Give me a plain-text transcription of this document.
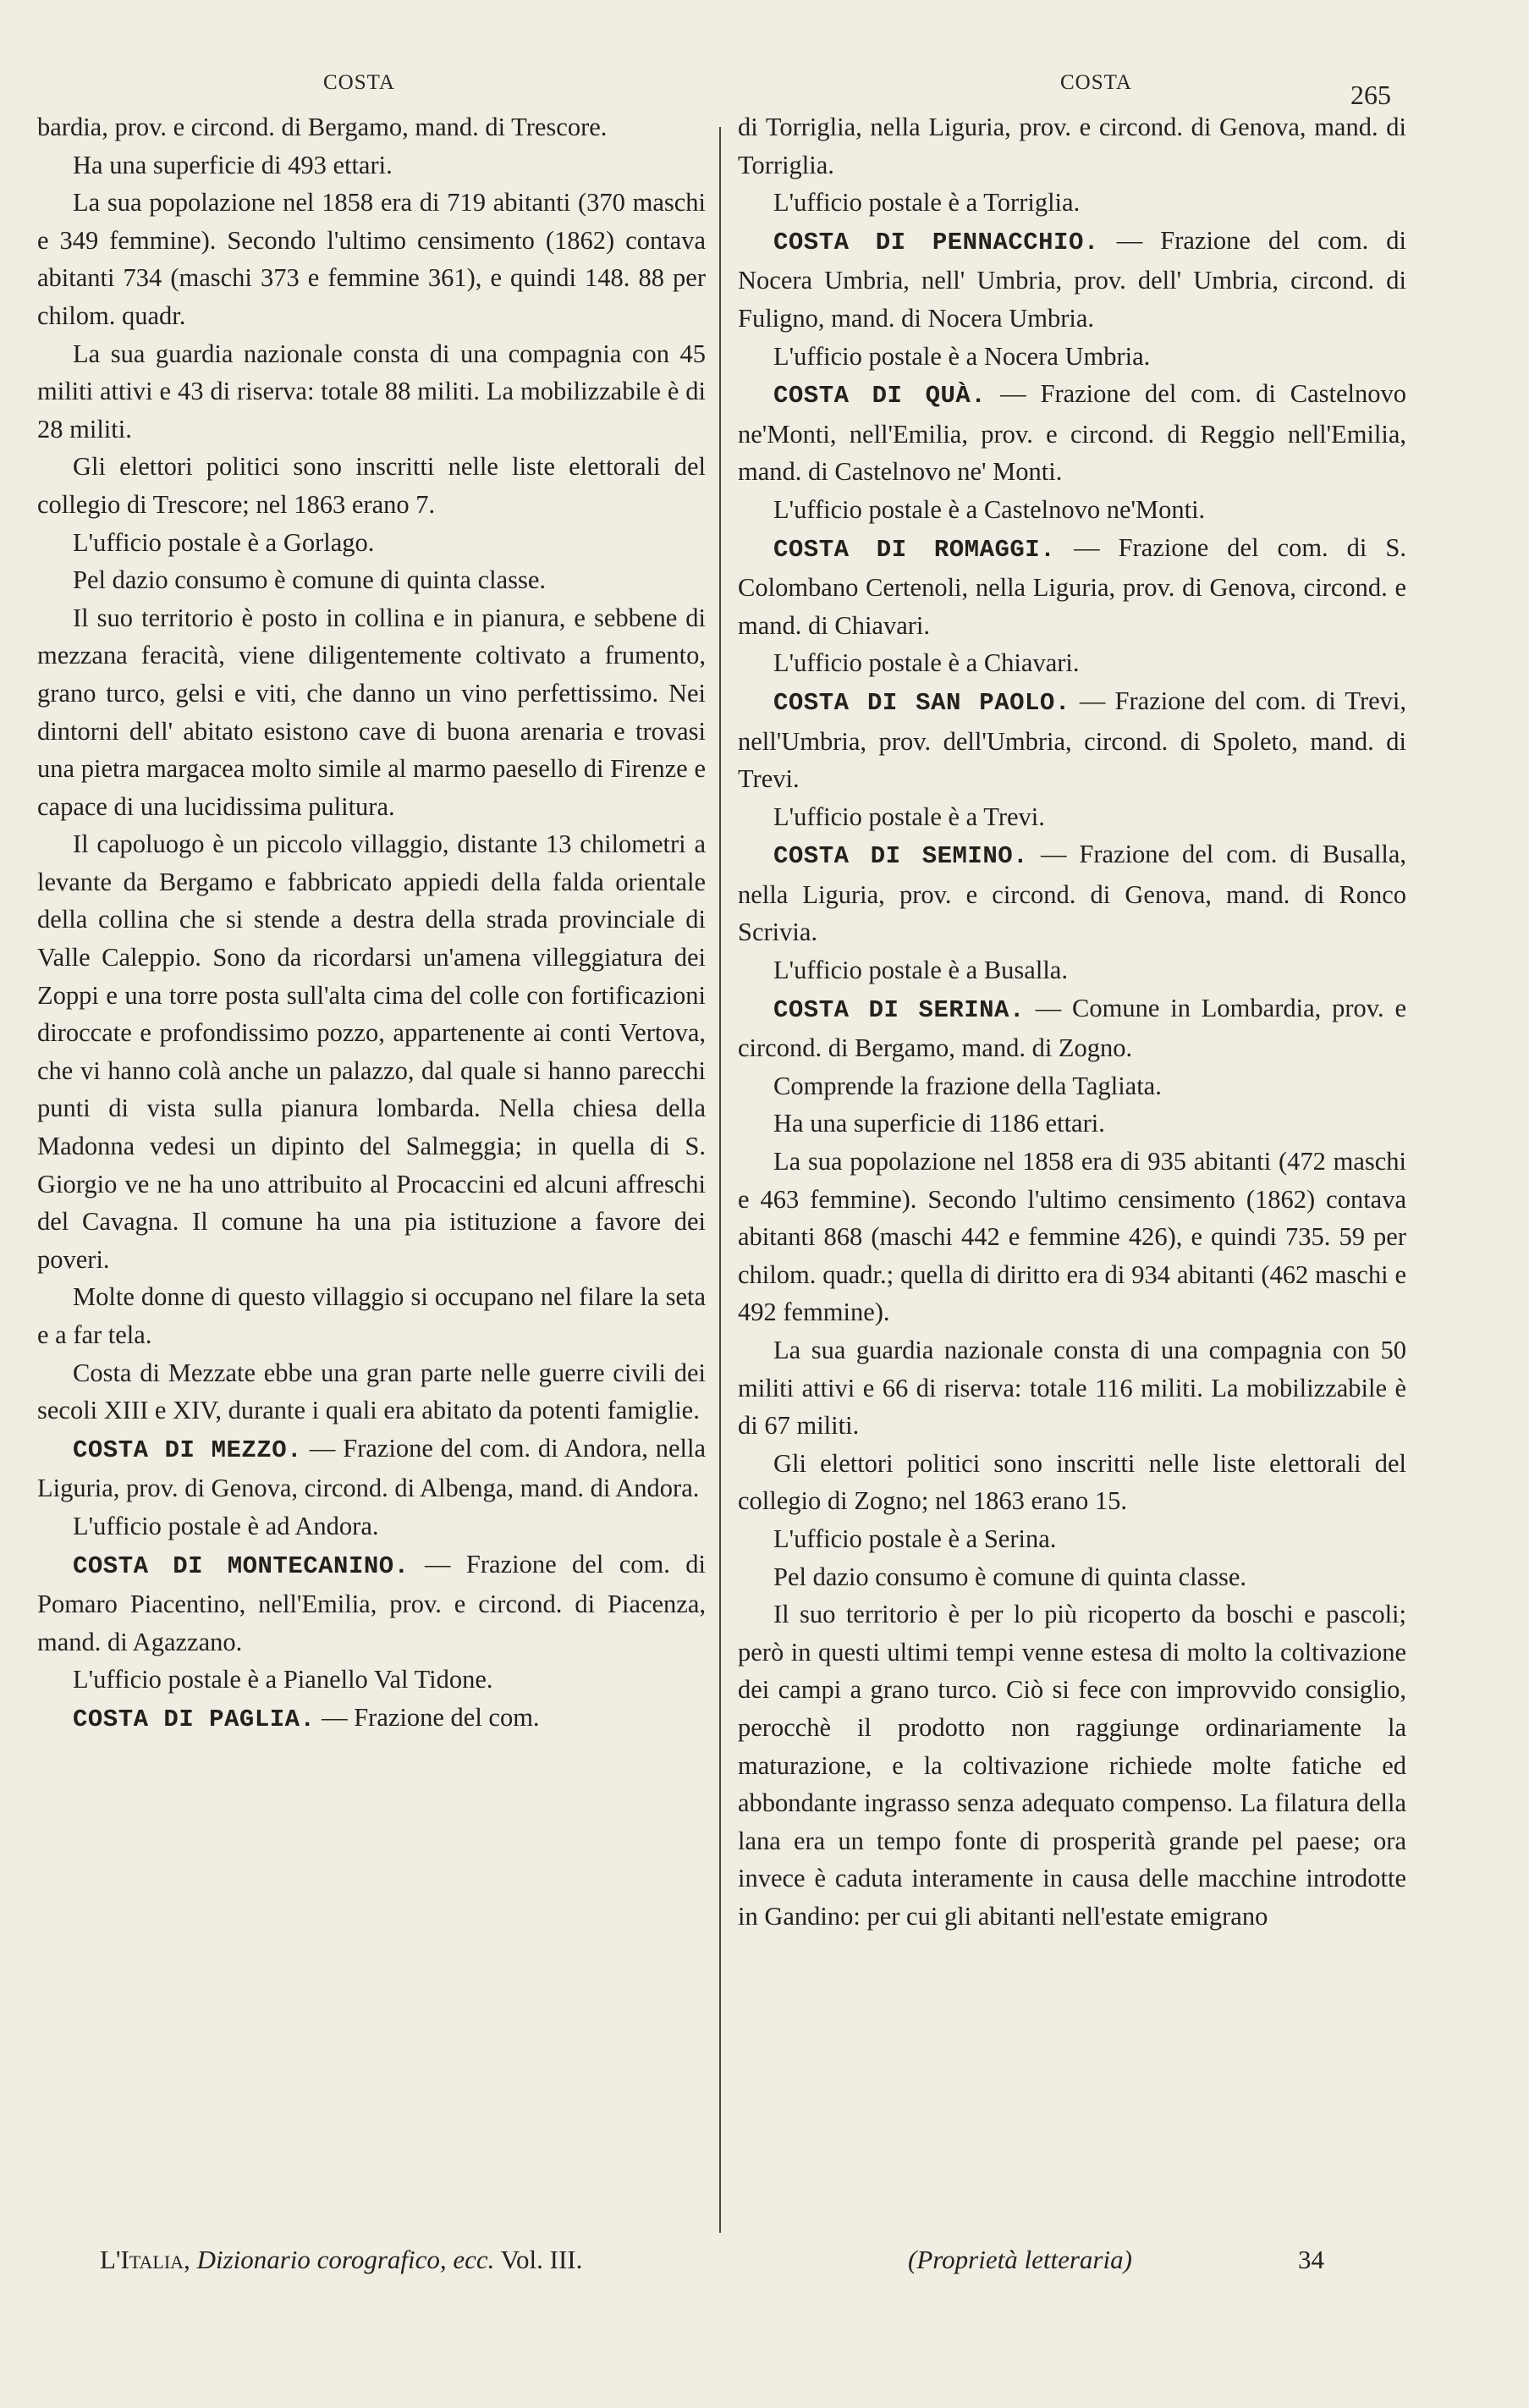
COSTA	COSTA	265

bardia, prov. e circond. di Bergamo, mand. di Trescore.

Ha una superficie di 493 ettari.

La sua popolazione nel 1858 era di 719 abitanti (370 maschi e 349 femmine). Secondo l'ultimo censimento (1862) contava abitanti 734 (maschi 373 e femmine 361), e quindi 148. 88 per chilom. quadr.

La sua guardia nazionale consta di una compagnia con 45 militi attivi e 43 di riserva: totale 88 militi. La mobilizzabile è di 28 militi.

Gli elettori politici sono inscritti nelle liste elettorali del collegio di Trescore; nel 1863 erano 7.

L'ufficio postale è a Gorlago.

Pel dazio consumo è comune di quinta classe.

Il suo territorio è posto in collina e in pianura, e sebbene di mezzana feracità, viene diligentemente coltivato a frumento, grano turco, gelsi e viti, che danno un vino perfettissimo. Nei dintorni dell' abitato esistono cave di buona arenaria e trovasi una pietra margacea molto simile al marmo paesello di Firenze e capace di una lucidissima pulitura.

Il capoluogo è un piccolo villaggio, distante 13 chilometri a levante da Bergamo e fabbricato appiedi della falda orientale della collina che si stende a destra della strada provinciale di Valle Caleppio. Sono da ricordarsi un'amena villeggiatura dei Zoppi e una torre posta sull'alta cima del colle con fortificazioni diroccate e profondissimo pozzo, appartenente ai conti Vertova, che vi hanno colà anche un palazzo, dal quale si hanno parecchi punti di vista sulla pianura lombarda. Nella chiesa della Madonna vedesi un dipinto del Salmeggia; in quella di S. Giorgio ve ne ha uno attribuito al Procaccini ed alcuni affreschi del Cavagna. Il comune ha una pia istituzione a favore dei poveri.

Molte donne di questo villaggio si occupano nel filare la seta e a far tela.

Costa di Mezzate ebbe una gran parte nelle guerre civili dei secoli XIII e XIV, durante i quali era abitato da potenti famiglie.

COSTA DI MEZZO. — Frazione del com. di Andora, nella Liguria, prov. di Genova, circond. di Albenga, mand. di Andora.

L'ufficio postale è ad Andora.

COSTA DI MONTECANINO. — Frazione del com. di Pomaro Piacentino, nell'Emilia, prov. e circond. di Piacenza, mand. di Agazzano.

L'ufficio postale è a Pianello Val Tidone.

COSTA DI PAGLIA. — Frazione del com.

di Torriglia, nella Liguria, prov. e circond. di Genova, mand. di Torriglia.

L'ufficio postale è a Torriglia.

COSTA DI PENNACCHIO. — Frazione del com. di Nocera Umbria, nell' Umbria, prov. dell' Umbria, circond. di Fuligno, mand. di Nocera Umbria.

L'ufficio postale è a Nocera Umbria.

COSTA DI QUÀ. — Frazione del com. di Castelnovo ne'Monti, nell'Emilia, prov. e circond. di Reggio nell'Emilia, mand. di Castelnovo ne' Monti.

L'ufficio postale è a Castelnovo ne'Monti.

COSTA DI ROMAGGI. — Frazione del com. di S. Colombano Certenoli, nella Liguria, prov. di Genova, circond. e mand. di Chiavari.

L'ufficio postale è a Chiavari.

COSTA DI SAN PAOLO. — Frazione del com. di Trevi, nell'Umbria, prov. dell'Umbria, circond. di Spoleto, mand. di Trevi.

L'ufficio postale è a Trevi.

COSTA DI SEMINO. — Frazione del com. di Busalla, nella Liguria, prov. e circond. di Genova, mand. di Ronco Scrivia.

L'ufficio postale è a Busalla.

COSTA DI SERINA. — Comune in Lombardia, prov. e circond. di Bergamo, mand. di Zogno.

Comprende la frazione della Tagliata.

Ha una superficie di 1186 ettari.

La sua popolazione nel 1858 era di 935 abitanti (472 maschi e 463 femmine). Secondo l'ultimo censimento (1862) contava abitanti 868 (maschi 442 e femmine 426), e quindi 735. 59 per chilom. quadr.; quella di diritto era di 934 abitanti (462 maschi e 492 femmine).

La sua guardia nazionale consta di una compagnia con 50 militi attivi e 66 di riserva: totale 116 militi. La mobilizzabile è di 67 militi.

Gli elettori politici sono inscritti nelle liste elettorali del collegio di Zogno; nel 1863 erano 15.

L'ufficio postale è a Serina.

Pel dazio consumo è comune di quinta classe.

Il suo territorio è per lo più ricoperto da boschi e pascoli; però in questi ultimi tempi venne estesa di molto la coltivazione dei campi a grano turco. Ciò si fece con improvvido consiglio, perocchè il prodotto non raggiunge ordinariamente la maturazione, e la coltivazione richiede molte fatiche ed abbondante ingrasso senza adequato compenso. La filatura della lana era un tempo fonte di prosperità grande pel paese; ora invece è caduta interamente in causa delle macchine introdotte in Gandino: per cui gli abitanti nell'estate emigrano

L'Italia, Dizionario corografico, ecc. Vol. III.	(Proprietà letteraria)	34
